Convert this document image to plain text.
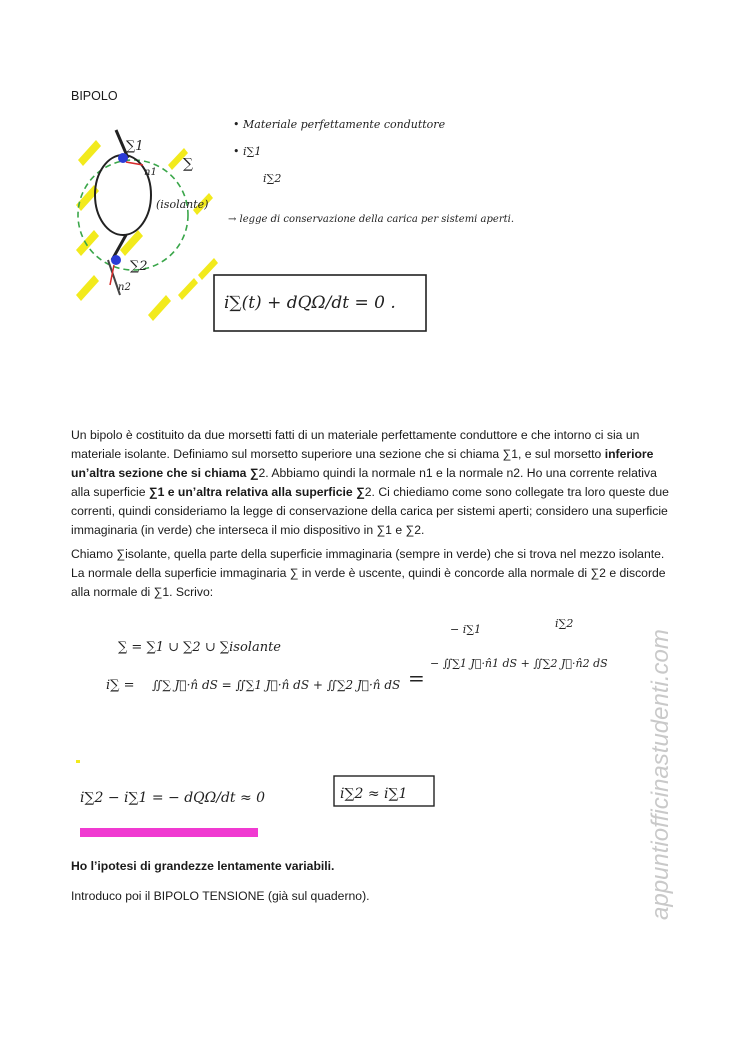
BIPOLO
∑1
∑
n1
∑2
n2
(isolante)
• Materiale perfettamente conduttore
• i∑1
i∑2
→ legge di conservazione della carica per sistemi aperti.
i∑(t) + dQΩ/dt = 0 .

Un bipolo è costituito da due morsetti fatti di un materiale perfettamente conduttore e che intorno ci sia un materiale isolante. Definiamo sul morsetto superiore una sezione che si chiama ∑1, e sul morsetto inferiore un’altra sezione che si chiama ∑2. Abbiamo quindi la normale n1 e la normale n2. Ho una corrente relativa alla superficie ∑1 e un’altra relativa alla superficie ∑2. Ci chiediamo come sono collegate tra loro queste due correnti, quindi consideriamo la legge di conservazione della carica per sistemi aperti; considero una superficie immaginaria (in verde) che interseca il mio dispositivo in ∑1 e ∑2.

Chiamo ∑isolante, quella parte della superficie immaginaria (sempre in verde) che si trova nel mezzo isolante. La normale della superficie immaginaria ∑ in verde è uscente, quindi è concorde alla normale di ∑2 e discorde alla normale di ∑1. Scrivo:

∑ = ∑1 ∪ ∑2 ∪ ∑isolante
i∑ = ∬∑ J⃗·n̂ dS = ∬∑1 J⃗·n̂ dS + ∬∑2 J⃗·n̂ dS =
− i∑1	i∑2
− ∬∑1 J⃗·n̂1 dS + ∬∑2 J⃗·n̂2 dS
i∑2 − i∑1 = − dQΩ/dt ≈ 0	i∑2 ≈ i∑1

Ho l’ipotesi di grandezze lentamente variabili.

Introduco poi il BIPOLO TENSIONE (già sul quaderno).	appuntiofficinastudenti.com
